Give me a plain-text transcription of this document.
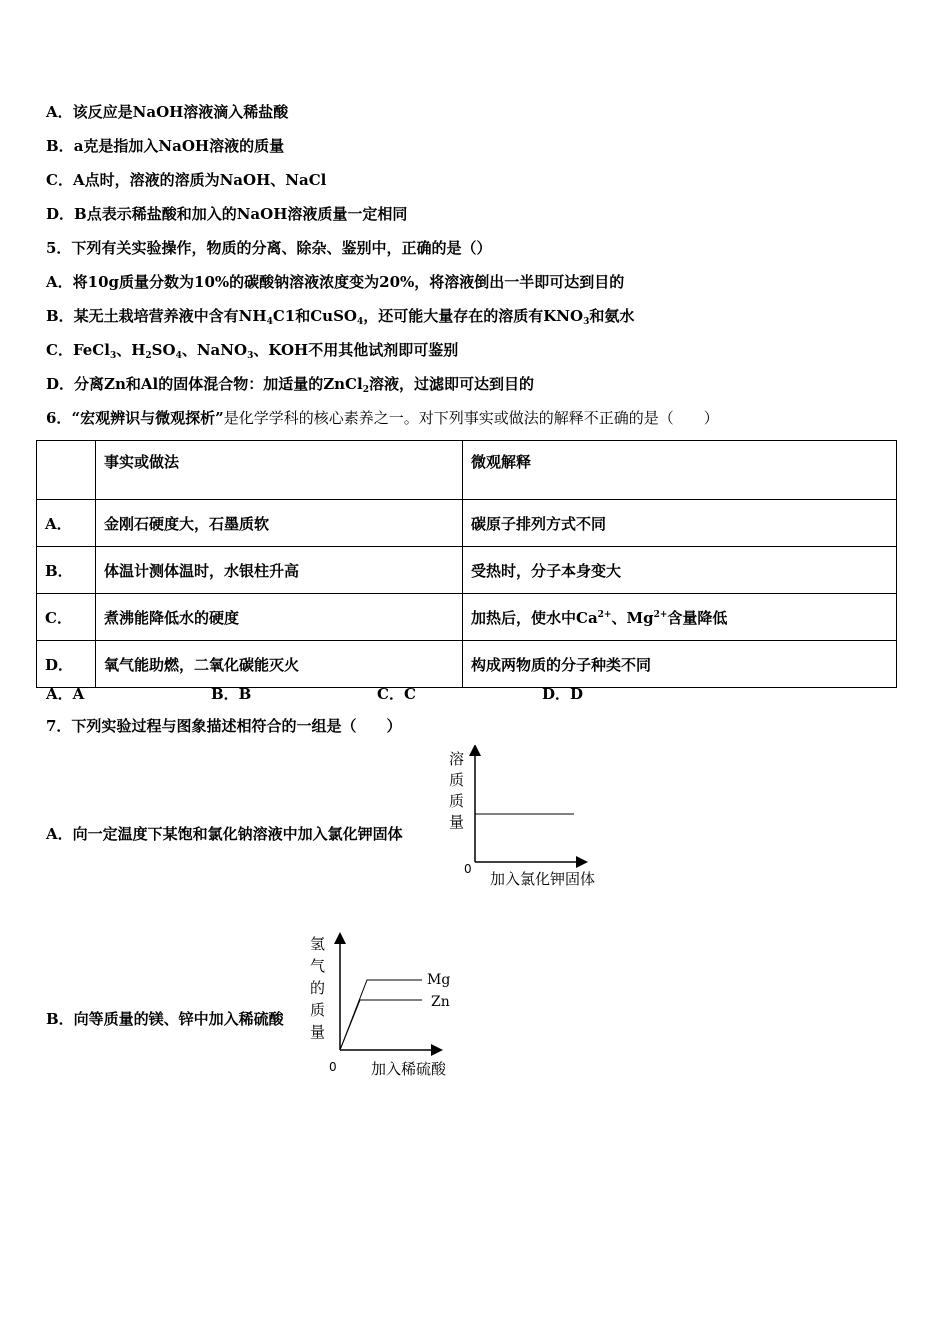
A．该反应是NaOH溶液滴入稀盐酸
B．a克是指加入NaOH溶液的质量
C．A点时，溶液的溶质为NaOH、NaCl
D．B点表示稀盐酸和加入的NaOH溶液质量一定相同
5．下列有关实验操作，物质的分离、除杂、鉴别中，正确的是（）
A．将10g质量分数为10%的碳酸钠溶液浓度变为20%，将溶液倒出一半即可达到目的
B．某无土栽培营养液中含有$NH_4C1$和CuSO$_4$，还可能大量存在的溶质有$KNO_3$和氨水
C．FeCl$_3$、$H_2SO_4$、NaNO$_3$、KOH不用其他试剂即可鉴别
D．分离Zn和Al的固体混合物：加适量的ZnCl$_2$溶液，过滤即可达到目的
6．“宏观辨识与微观探析”是化学学科的核心素养之一。对下列事实或做法的解释不正确的是（　　）
	事实或做法	微观解释
A．	金刚石硬度大，石墨质软	碳原子排列方式不同
B．	体温计测体温时，水银柱升高	受热时，分子本身变大
C．	煮沸能降低水的硬度	加热后，使水中$Ca^{2+}$、$Mg^{2+}$含量降低
D．	氧气能助燃，二氧化碳能灭火	构成两物质的分子种类不同
A．A	B．B	C．C	D．D
7．下列实验过程与图象描述相符合的一组是（　　）
A．向一定温度下某饱和氯化钠溶液中加入氯化钾固体
溶
质
质
量
0
加入氯化钾固体
B．向等质量的镁、锌中加入稀硫酸
Mg
Zn
氢
气
的
质
量
0 加入稀硫酸
